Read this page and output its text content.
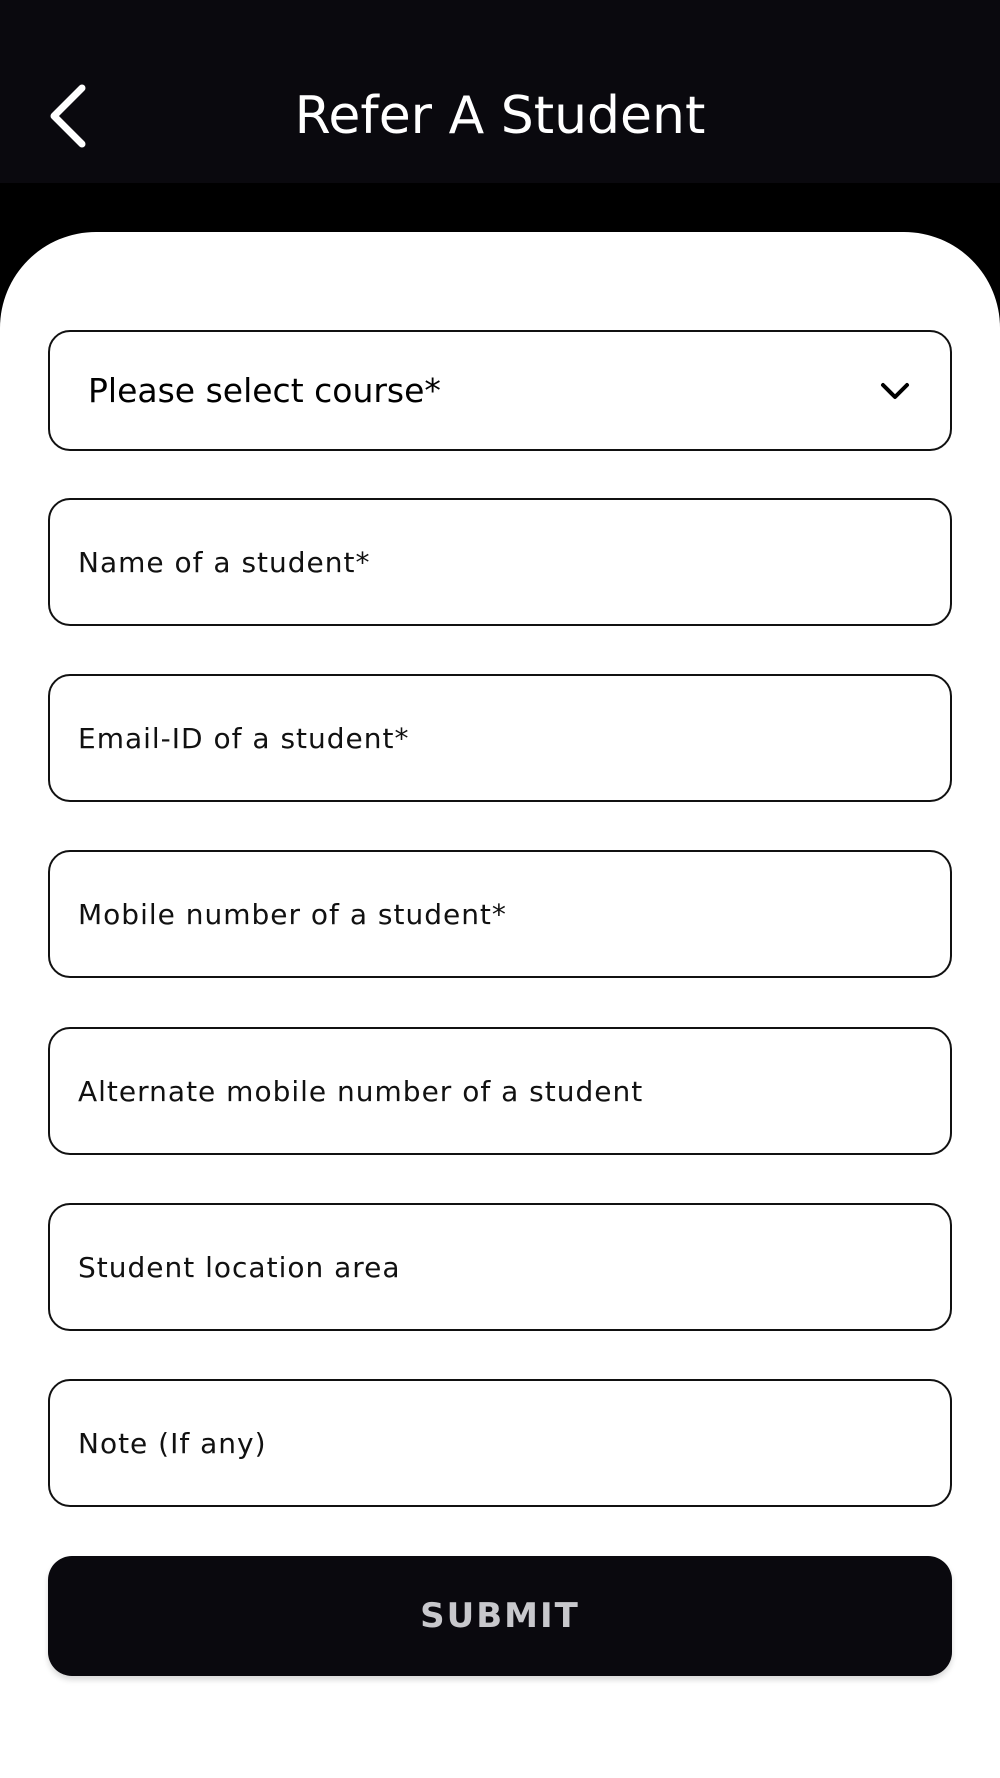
Refer A Student
Please select course*
Name of a student*
Email-ID of a student*
Mobile number of a student*
Alternate mobile number of a student
Student location area
Note (If any)
SUBMIT
